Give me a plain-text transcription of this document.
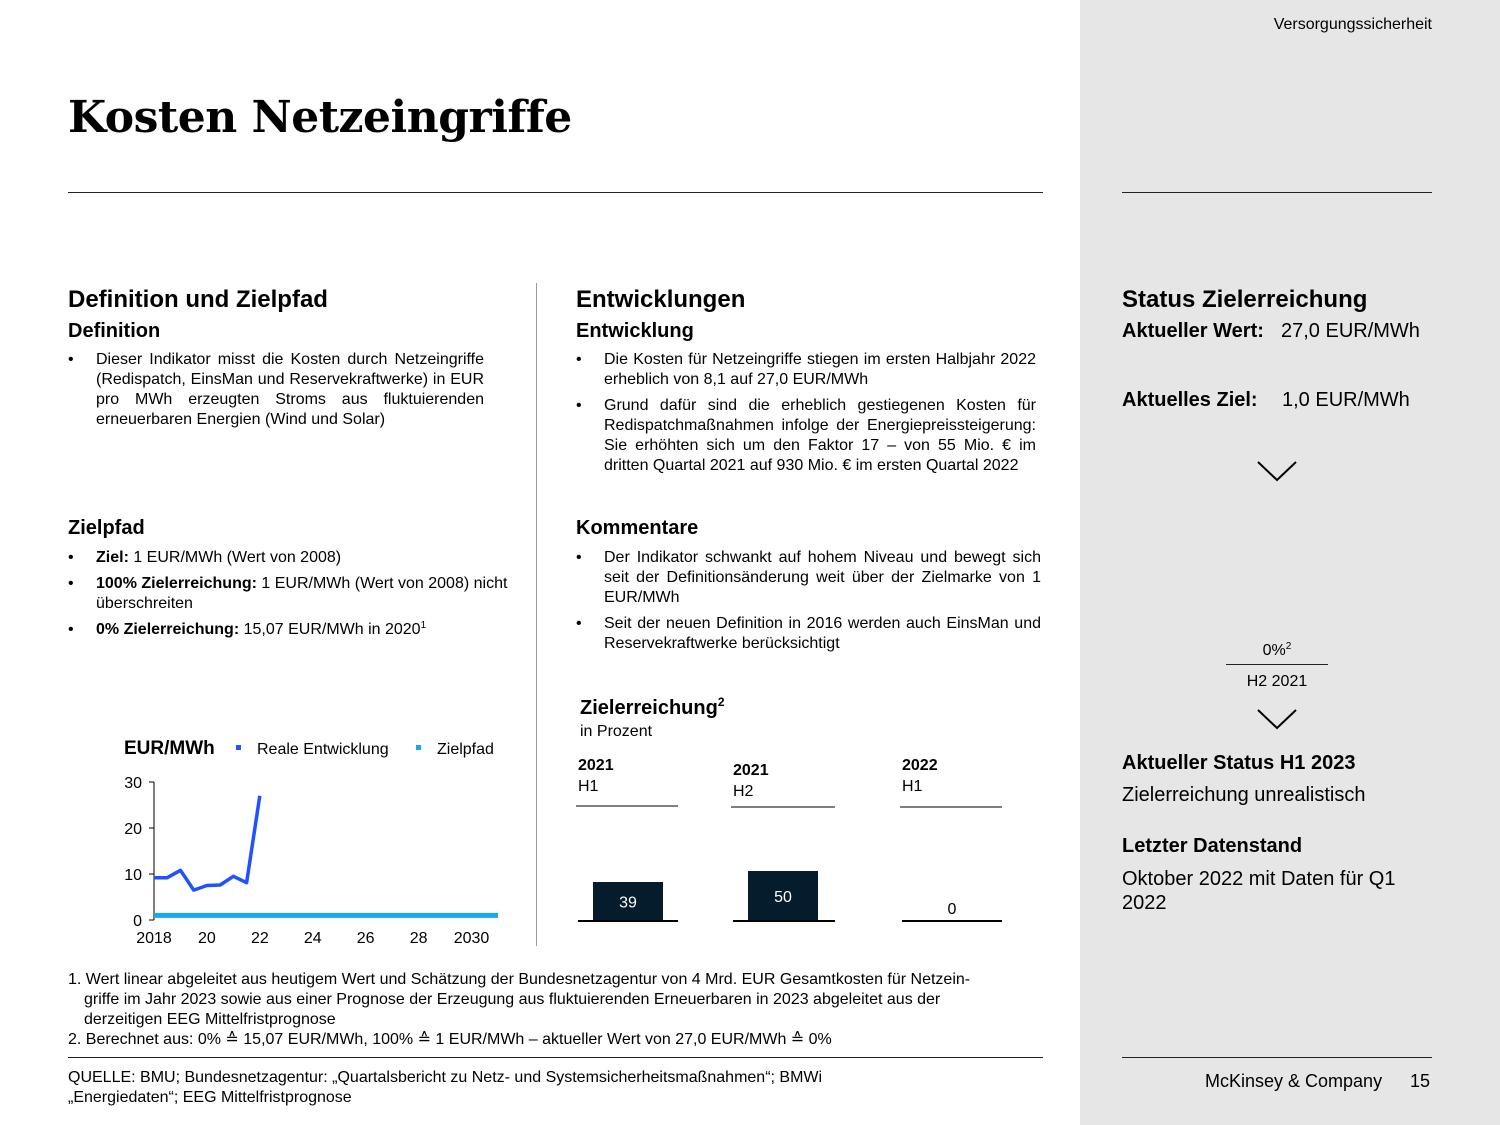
Versorgungssicherheit
Kosten Netzeingriffe
Definition und Zielpfad
Definition
• Dieser Indikator misst die Kosten durch Netzeingriffe (Redispatch, EinsMan und Reservekraftwerke) in EUR pro MWh erzeugten Stroms aus fluktuierenden erneuerbaren Energien (Wind und Solar)
Zielpfad
• Ziel: 1 EUR/MWh (Wert von 2008)
• 100% Zielerreichung: 1 EUR/MWh (Wert von 2008) nicht überschreiten
• 0% Zielerreichung: 15,07 EUR/MWh in 2020$^1$
EUR/MWh	Reale Entwicklung	Zielpfad
0
10
20
30
2018 20 22 24 26 28 2030
Entwicklungen
Entwicklung
• Die Kosten für Netzeingriffe stiegen im ersten Halbjahr 2022 erheblich von 8,1 auf 27,0 EUR/MWh
• Grund dafür sind die erheblich gestiegenen Kosten für Redispatchmaßnahmen infolge der Energiepreissteigerung: Sie erhöhten sich um den Faktor 17 – von 55 Mio. € im dritten Quartal 2021 auf 930 Mio. € im ersten Quartal 2022
Kommentare
• Der Indikator schwankt auf hohem Niveau und bewegt sich seit der Definitionsänderung weit über der Zielmarke von 1 EUR/MWh
• Seit der neuen Definition in 2016 werden auch EinsMan und Reservekraftwerke berücksichtigt
Zielerreichung$^2$
in Prozent
2021
H1
2021
H2
2022
H1
39	50
0
Status Zielerreichung
Aktueller Wert: 27,0 EUR/MWh
Aktuelles Ziel: 1,0 EUR/MWh
0%$^2$
H2 2021
Aktueller Status H1 2023
Zielerreichung unrealistisch
Letzter Datenstand
Oktober 2022 mit Daten für Q1 2022
McKinsey & Company 15
1. Wert linear abgeleitet aus heutigem Wert und Schätzung der Bundesnetzagentur von 4 Mrd. EUR Gesamtkosten für Netzein-
griffe im Jahr 2023 sowie aus einer Prognose der Erzeugung aus fluktuierenden Erneuerbaren in 2023 abgeleitet aus der
derzeitigen EEG Mittelfristprognose
2. Berechnet aus: 0% ≙ 15,07 EUR/MWh, 100% ≙ 1 EUR/MWh – aktueller Wert von 27,0 EUR/MWh ≙ 0%
QUELLE: BMU; Bundesnetzagentur: „Quartalsbericht zu Netz- und Systemsicherheitsmaßnahmen“; BMWi
„Energiedaten“; EEG Mittelfristprognose
